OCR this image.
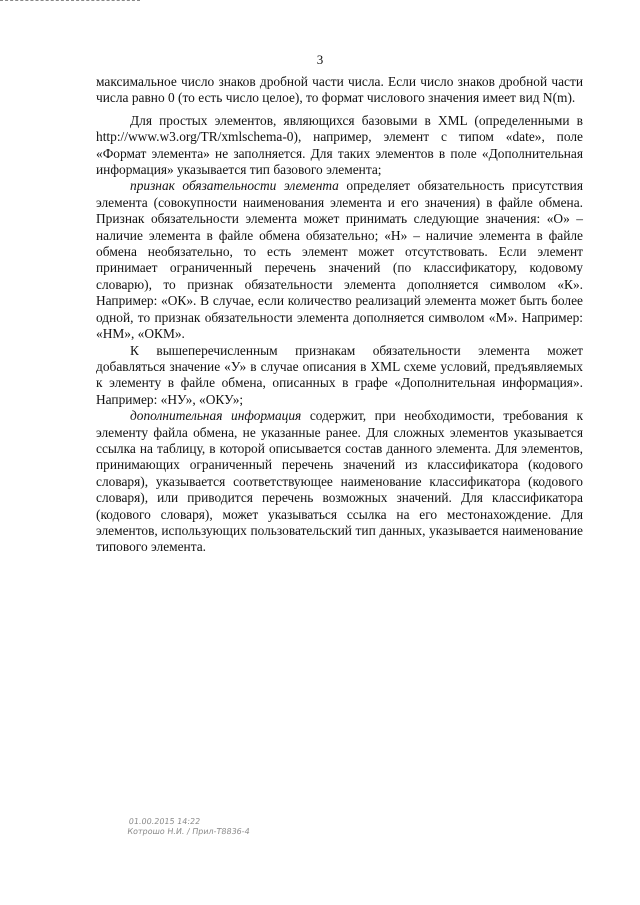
3

максимальное число знаков дробной части числа. Если число знаков дробной части числа равно 0 (то есть число целое), то формат числового значения имеет вид N(m).

Для простых элементов, являющихся базовыми в XML (определенными в http://www.w3.org/TR/xmlschema-0), например, элемент с типом «date», поле «Формат элемента» не заполняется. Для таких элементов в поле «Дополнительная информация» указывается тип базового элемента;

признак обязательности элемента определяет обязательность присутствия элемента (совокупности наименования элемента и его значения) в файле обмена. Признак обязательности элемента может принимать следующие значения: «О» – наличие элемента в файле обмена обязательно; «Н» – наличие элемента в файле обмена необязательно, то есть элемент может отсутствовать. Если элемент принимает ограниченный перечень значений (по классификатору, кодовому словарю), то признак обязательности элемента дополняется символом «К». Например: «ОК». В случае, если количество реализаций элемента может быть более одной, то признак обязательности элемента дополняется символом «М». Например: «НМ», «ОКМ».

К вышеперечисленным признакам обязательности элемента может добавляться значение «У» в случае описания в XML схеме условий, предъявляемых к элементу в файле обмена, описанных в графе «Дополнительная информация». Например: «НУ», «ОКУ»;

дополнительная информация содержит, при необходимости, требования к элементу файла обмена, не указанные ранее. Для сложных элементов указывается ссылка на таблицу, в которой описывается состав данного элемента. Для элементов, принимающих ограниченный перечень значений из классификатора (кодового словаря), указывается соответствующее наименование классификатора (кодового словаря), или приводится перечень возможных значений. Для классификатора (кодового словаря), может указываться ссылка на его местонахождение. Для элементов, использующих пользовательский тип данных, указывается наименование типового элемента.

01.00.2015 14:22
Котрошо Н.И. / Прил-Т8836-4
